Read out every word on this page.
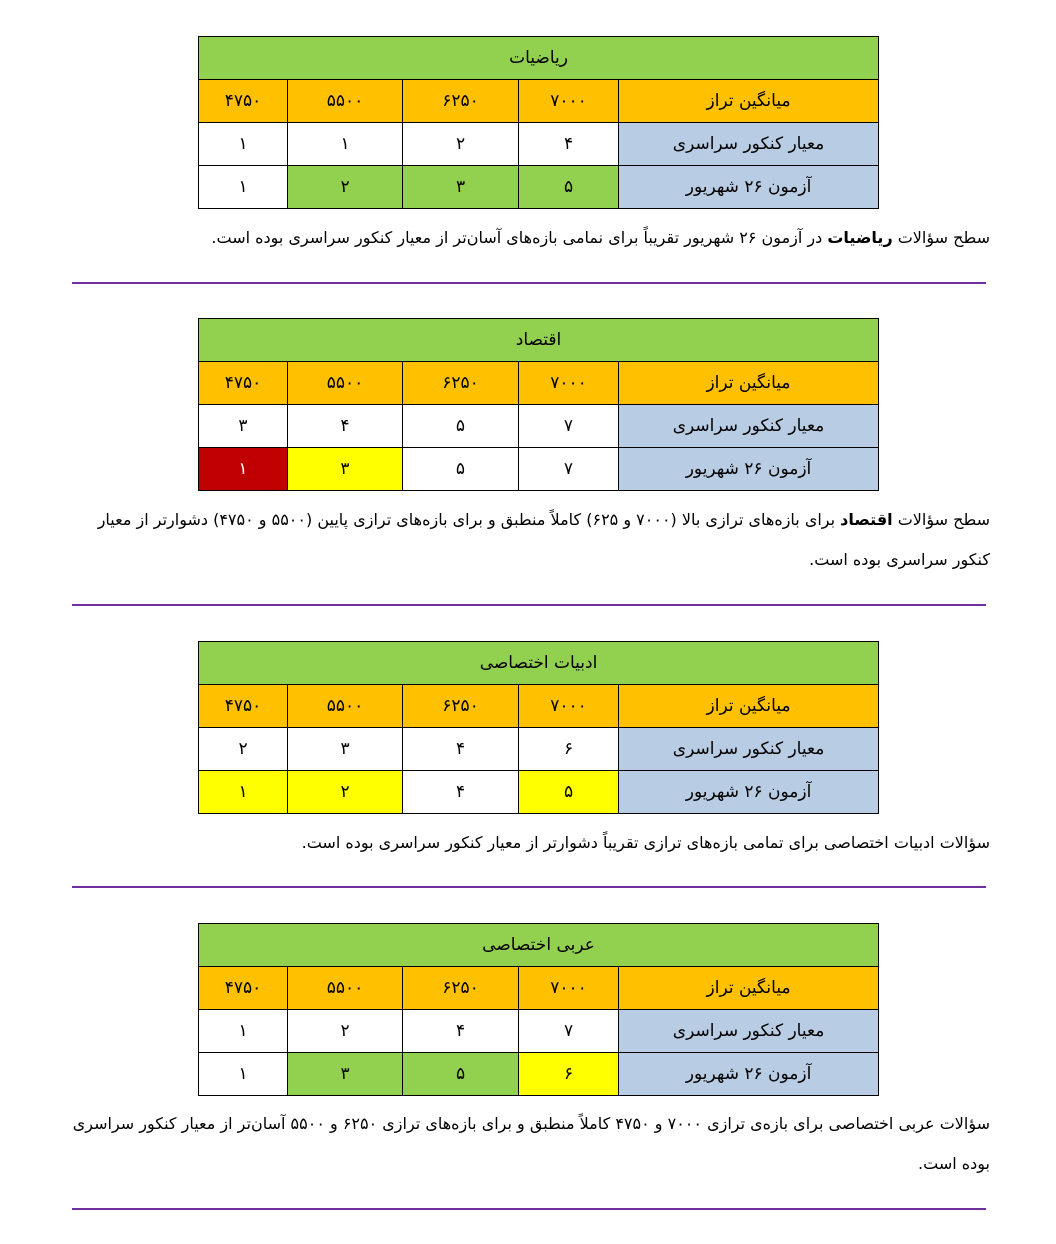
ریاضیات				
میانگین تراز	۷۰۰۰	۶۲۵۰	۵۵۰۰	۴۷۵۰
معیار کنکور سراسری	۴	۲	۱	۱
آزمون ۲۶ شهریور	۵	۳	۲	۱
سطح سؤالات ریاضیات در آزمون ۲۶ شهریور تقریباً برای نمامی بازه‌های آسان‌تر از معیار کنکور سراسری بوده است.
اقتصاد				
میانگین تراز	۷۰۰۰	۶۲۵۰	۵۵۰۰	۴۷۵۰
معیار کنکور سراسری	۷	۵	۴	۳
آزمون ۲۶ شهریور	۷	۵	۳	۱
سطح سؤالات اقتصاد برای بازه‌های ترازی بالا (۷۰۰۰ و ۶۲۵) کاملاً منطبق و برای بازه‌های ترازی پایین (۵۵۰۰ و ۴۷۵۰) دشوارتر از معیار کنکور سراسری بوده است.
ادبیات اختصاصی				
میانگین تراز	۷۰۰۰	۶۲۵۰	۵۵۰۰	۴۷۵۰
معیار کنکور سراسری	۶	۴	۳	۲
آزمون ۲۶ شهریور	۵	۴	۲	۱
سؤالات ادبیات اختصاصی برای تمامی بازه‌های ترازی تقریباً دشوارتر از معیار کنکور سراسری بوده است.
عربی اختصاصی				
میانگین تراز	۷۰۰۰	۶۲۵۰	۵۵۰۰	۴۷۵۰
معیار کنکور سراسری	۷	۴	۲	۱
آزمون ۲۶ شهریور	۶	۵	۳	۱
سؤالات عربی اختصاصی برای بازه‌ی ترازی ۷۰۰۰ و ۴۷۵۰ کاملاً منطبق و برای بازه‌های ترازی ۶۲۵۰ و ۵۵۰۰ آسان‌تر از معیار کنکور سراسری بوده است.
